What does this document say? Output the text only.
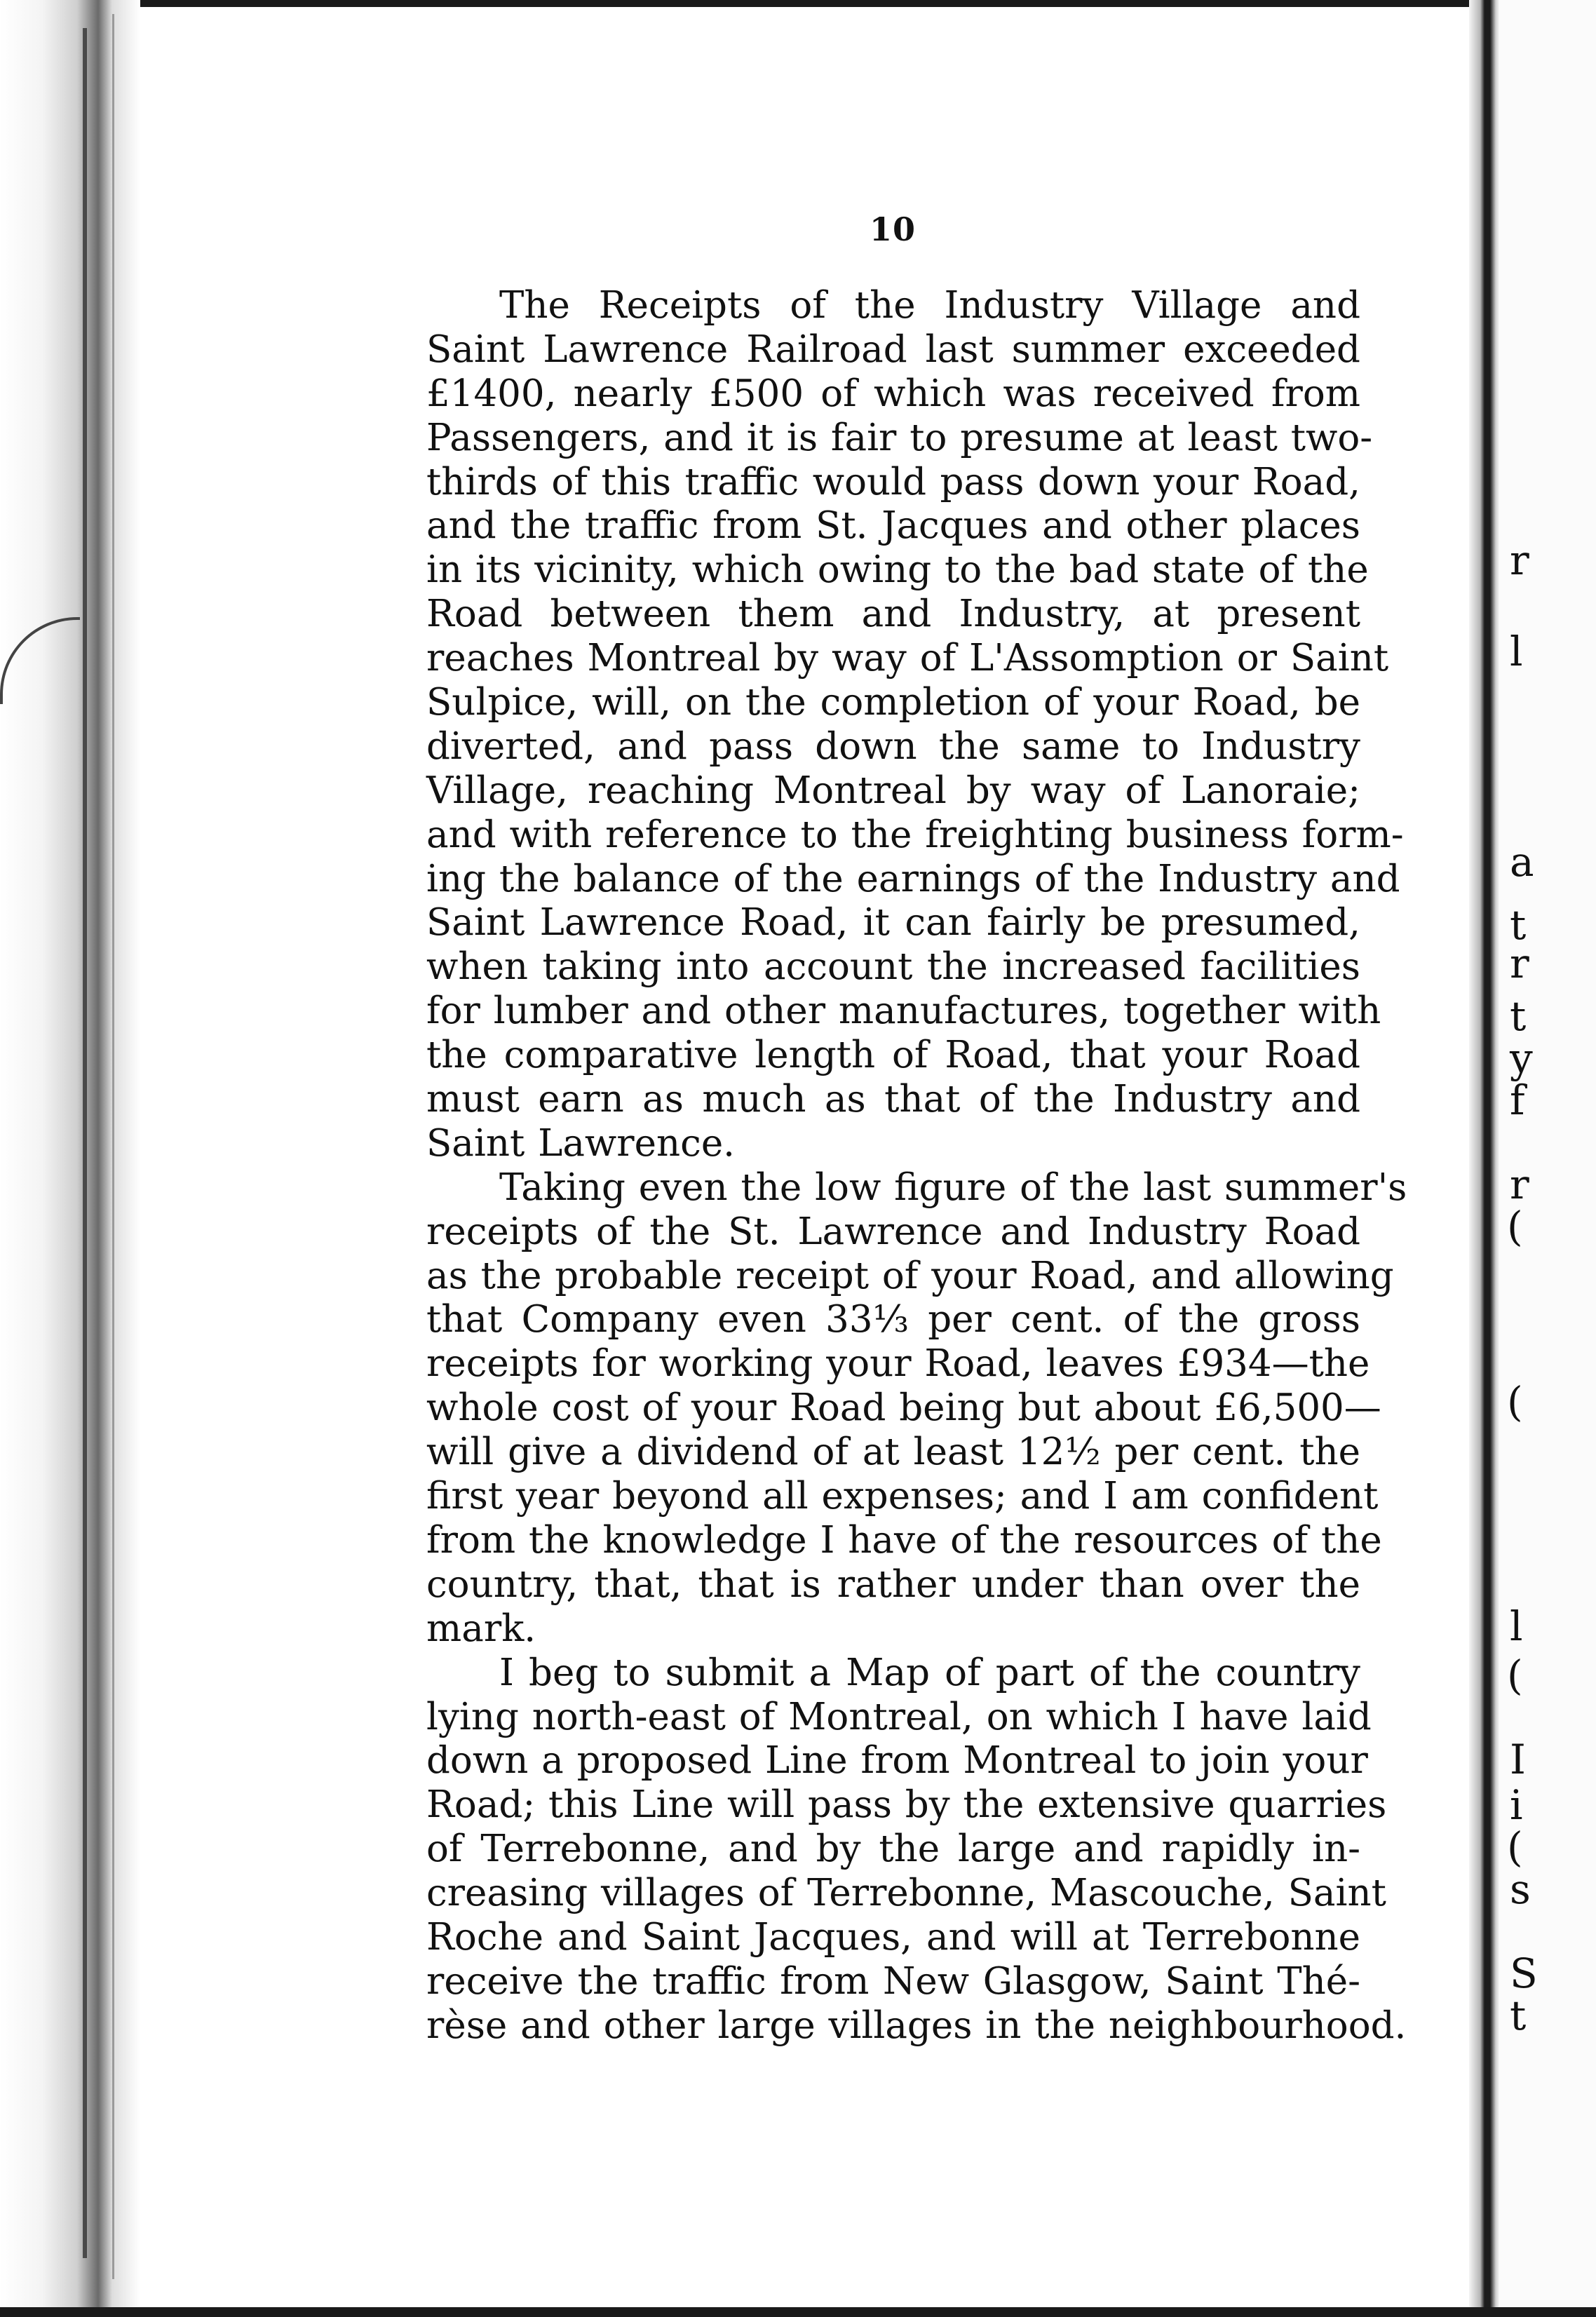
r
l
a
t
r
t
y
f
r
(
(
l
(
I
i
(
s
S
t
10

The Receipts of the Industry Village and
Saint Lawrence Railroad last summer exceeded
£1400, nearly £500 of which was received from
Passengers, and it is fair to presume at least two-
thirds of this traffic would pass down your Road,
and the traffic from St. Jacques and other places
in its vicinity, which owing to the bad state of the
Road between them and Industry, at present
reaches Montreal by way of L'Assomption or Saint
Sulpice, will, on the completion of your Road, be
diverted, and pass down the same to Industry
Village, reaching Montreal by way of Lanoraie;
and with reference to the freighting business form-
ing the balance of the earnings of the Industry and
Saint Lawrence Road, it can fairly be presumed,
when taking into account the increased facilities
for lumber and other manufactures, together with
the comparative length of Road, that your Road
must earn as much as that of the Industry and
Saint Lawrence.

Taking even the low figure of the last summer's
receipts of the St. Lawrence and Industry Road
as the probable receipt of your Road, and allowing
that Company even 33⅓ per cent. of the gross
receipts for working your Road, leaves £934—the
whole cost of your Road being but about £6,500—
will give a dividend of at least 12½ per cent. the
first year beyond all expenses; and I am confident
from the knowledge I have of the resources of the
country, that, that is rather under than over the
mark.

I beg to submit a Map of part of the country
lying north-east of Montreal, on which I have laid
down a proposed Line from Montreal to join your
Road; this Line will pass by the extensive quarries
of Terrebonne, and by the large and rapidly in-
creasing villages of Terrebonne, Mascouche, Saint
Roche and Saint Jacques, and will at Terrebonne
receive the traffic from New Glasgow, Saint Thé-
rèse and other large villages in the neighbourhood.
